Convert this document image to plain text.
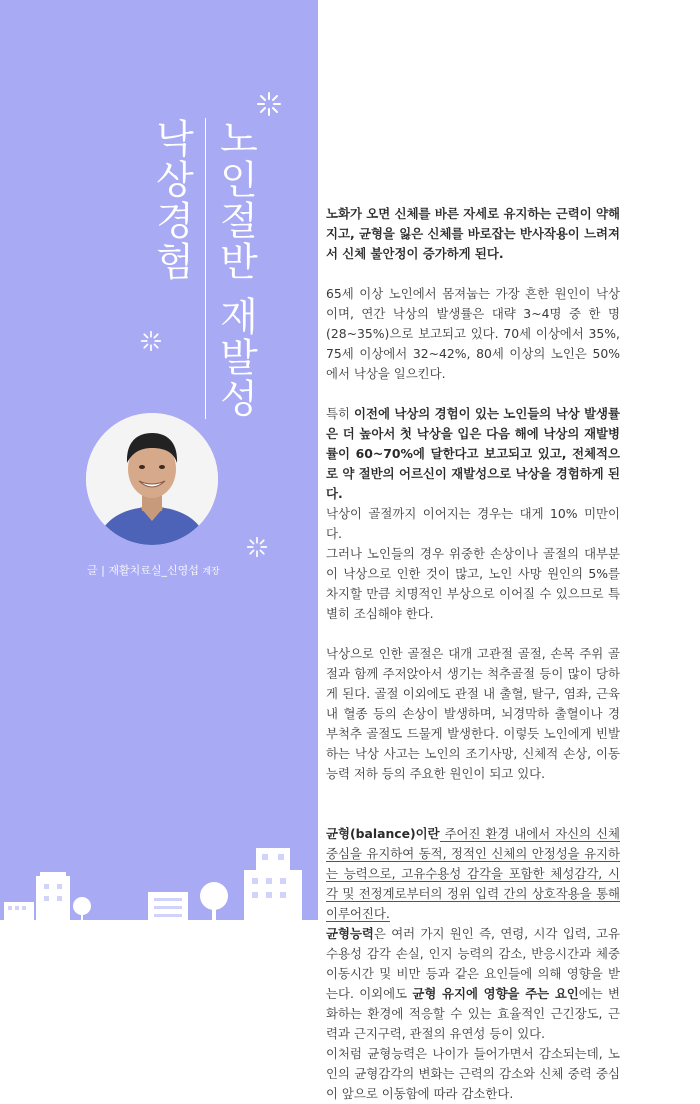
노인절반 재발성
낙상경험
글 | 재활치료실_신영섭 계장

노화가 오면 신체를 바른 자세로 유지하는 근력이 약해지고, 균형을 잃은 신체를 바로잡는 반사작용이 느려져서 신체 불안정이 증가하게 된다.

65세 이상 노인에서 몸져눕는 가장 흔한 원인이 낙상이며, 연간 낙상의 발생률은 대략 3~4명 중 한 명 (28~35%)으로 보고되고 있다. 70세 이상에서 35%, 75세 이상에서 32~42%, 80세 이상의 노인은 50%에서 낙상을 일으킨다.

특히 이전에 낙상의 경험이 있는 노인들의 낙상 발생률은 더 높아서 첫 낙상을 입은 다음 해에 낙상의 재발병률이 60~70%에 달한다고 보고되고 있고, 전체적으로 약 절반의 어르신이 재발성으로 낙상을 경험하게 된다.

낙상이 골절까지 이어지는 경우는 대게 10% 미만이다.

그러나 노인들의 경우 위중한 손상이나 골절의 대부분이 낙상으로 인한 것이 많고, 노인 사망 원인의 5%를 차지할 만큼 치명적인 부상으로 이어질 수 있으므로 특별히 조심해야 한다.

낙상으로 인한 골절은 대개 고관절 골절, 손목 주위 골절과 함께 주저앉아서 생기는 척추골절 등이 많이 당하게 된다. 골절 이외에도 관절 내 출혈, 탈구, 염좌, 근육 내 혈종 등의 손상이 발생하며, 뇌경막하 출혈이나 경부척추 골절도 드물게 발생한다. 이렇듯 노인에게 빈발하는 낙상 사고는 노인의 조기사망, 신체적 손상, 이동능력 저하 등의 주요한 원인이 되고 있다.

균형(balance)이란 주어진 환경 내에서 자신의 신체 중심을 유지하여 동적, 정적인 신체의 안정성을 유지하는 능력으로, 고유수용성 감각을 포함한 체성감각, 시각 및 전정계로부터의 정위 입력 간의 상호작용을 통해 이루어진다.

균형능력은 여러 가지 원인 즉, 연령, 시각 입력, 고유수용성 감각 손실, 인지 능력의 감소, 반응시간과 체중 이동시간 및 비만 등과 같은 요인들에 의해 영향을 받는다. 이외에도 균형 유지에 영향을 주는 요인에는 변화하는 환경에 적응할 수 있는 효율적인 근긴장도, 근력과 근지구력, 관절의 유연성 등이 있다.

이처럼 균형능력은 나이가 들어가면서 감소되는데, 노인의 균형감각의 변화는 근력의 감소와 신체 중력 중심이 앞으로 이동함에 따라 감소한다.
